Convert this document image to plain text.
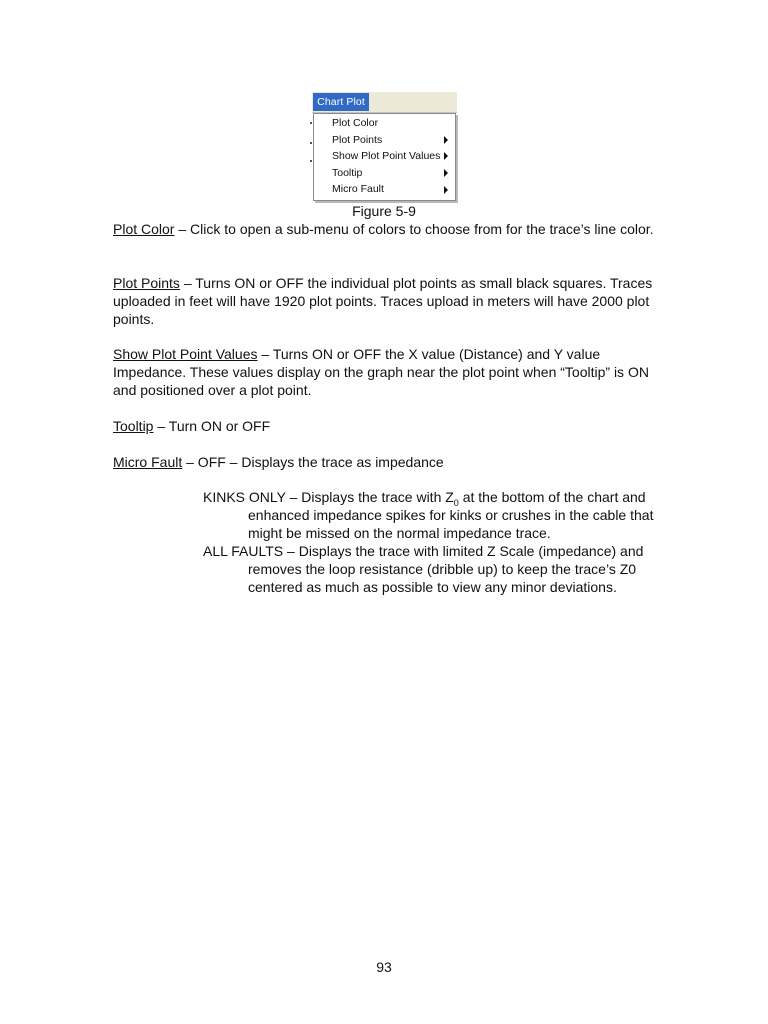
Chart Plot
Plot Color
Plot Points
Show Plot Point Values
Tooltip
Micro Fault
Figure 5-9

Plot Color – Click to open a sub-menu of colors to choose from for the trace’s line color.

Plot Points – Turns ON or OFF the individual plot points as small black squares. Traces uploaded in feet will have 1920 plot points. Traces upload in meters will have 2000 plot points.

Show Plot Point Values – Turns ON or OFF the X value (Distance) and Y value Impedance. These values display on the graph near the plot point when “Tooltip” is ON and positioned over a plot point.

Tooltip – Turn ON or OFF

Micro Fault – OFF – Displays the trace as impedance

KINKS ONLY – Displays the trace with $Z_0$ at the bottom of the chart and enhanced impedance spikes for kinks or crushes in the cable that might be missed on the normal impedance trace.

ALL FAULTS – Displays the trace with limited Z Scale (impedance) and removes the loop resistance (dribble up) to keep the trace’s Z0 centered as much as possible to view any minor deviations.

93
